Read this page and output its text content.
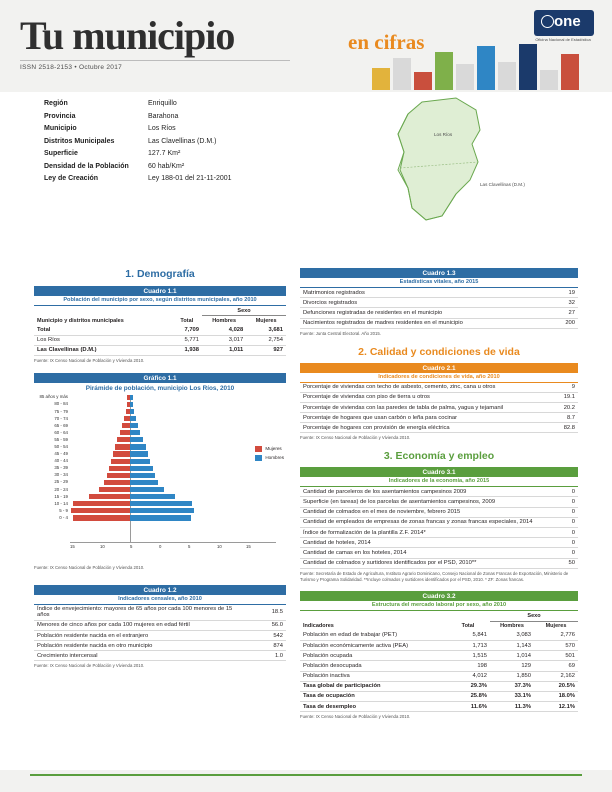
Tu municipio	en cifras
ISSN 2518-2153 • Octubre 2017
one
Oficina Nacional de Estadística
Región	Enriquillo
Provincia	Barahona
Municipio	Los Ríos
Distritos Municipales	Las Clavellinas (D.M.)
Superficie	127.7 Km²
Densidad de la Población	60 hab/Km²
Ley de Creación	Ley 188-01 del 21-11-2001
Los Ríos
Las Clavellinas (D.M.)
1. Demografía
Cuadro 1.1
Población del municipio por sexo, según distritos municipales, año 2010
Municipio y distritos municipales	Total	Sexo	
		Hombres	Mujeres
Total	7,709	4,028	3,681
Los Ríos	5,771	3,017	2,754
Las Clavellinas (D.M.)	1,938	1,011	927
Fuente: IX Censo Nacional de Población y Vivienda 2010.
Gráfico 1.1
Pirámide de población, municipio Los Ríos, 2010
85 años y más
80 - 84
75 - 79
70 - 74
65 - 69
60 - 64
55 - 59
50 - 54
45 - 49
40 - 44
35 - 39
30 - 34
25 - 29
20 - 24
15 - 19
10 - 14
5 - 9
0 - 4
15	10	5	0	5	10	15
Mujeres
Hombres
Fuente: IX Censo Nacional de Población y Vivienda 2010.
Cuadro 1.2
Indicadores censales, año 2010
Índice de envejecimiento: mayores de 65 años por cada 100 menores de 15 años	18.5
Menores de cinco años por cada 100 mujeres en edad fértil	56.0
Población residente nacida en el extranjero	542
Población residente nacida en otro municipio	874
Crecimiento intercensal	1.0
Fuente: IX Censo Nacional de Población y Vivienda 2010.
Cuadro 1.3
Estadísticas vitales, año 2015
Matrimonios registrados	19
Divorcios registrados	32
Defunciones registradas de residentes en el municipio	27
Nacimientos registrados de madres residentes en el municipio	200
Fuente: Junta Central Electoral. Año 2015.
2. Calidad y condiciones de vida
Cuadro 2.1
Indicadores de condiciones de vida, año 2010
Porcentaje de viviendas con techo de asbesto, cemento, zinc, cana u otros	9
Porcentaje de viviendas con piso de tierra u otros	19.1
Porcentaje de viviendas con las paredes de tabla de palma, yagua y tejamanil	20.2
Porcentaje de hogares que usan carbón o leña para cocinar	8.7
Porcentaje de hogares con provisión de energía eléctrica	82.8
Fuente: IX Censo Nacional de Población y Vivienda 2010.
3. Economía y empleo
Cuadro 3.1
Indicadores de la economía, año 2015
Cantidad de parceleros de los asentamientos campesinos 2009	0
Superficie (en tareas) de los parcelas de asentamientos campesinos, 2009	0
Cantidad de colmados en el mes de noviembre, febrero 2015	0
Cantidad de empleados de empresas de zonas francas y zonas francas especiales, 2014	0
Índice de formalización de la plantilla Z.F. 2014*	0
Cantidad de hoteles, 2014	0
Cantidad de camas en los hoteles, 2014	0
Cantidad de colmados y surtidores identificados por el PSD, 2010**	50
Fuente: Secretaría de Estado de Agricultura, Instituto Agrario Dominicano, Consejo Nacional de Zonas Francas de Exportación, Ministerio de Turismo y Programa Solidaridad. **Incluye colmados y surtidores identificados por el PSD, 2010. * ZF: Zonas francas.
Cuadro 3.2
Estructura del mercado laboral por sexo, año 2010
Indicadores	Total	Sexo	
		Hombres	Mujeres
Población en edad de trabajar (PET)	5,841	3,083	2,776
Población económicamente activa (PEA)	1,713	1,143	570
Población ocupada	1,515	1,014	501
Población desocupada	198	129	69
Población inactiva	4,012	1,850	2,162
Tasa global de participación	29.3%	37.3%	20.5%
Tasa de ocupación	25.8%	33.1%	18.0%
Tasa de desempleo	11.6%	11.3%	12.1%
Fuente: IX Censo Nacional de Población y Vivienda 2010.
